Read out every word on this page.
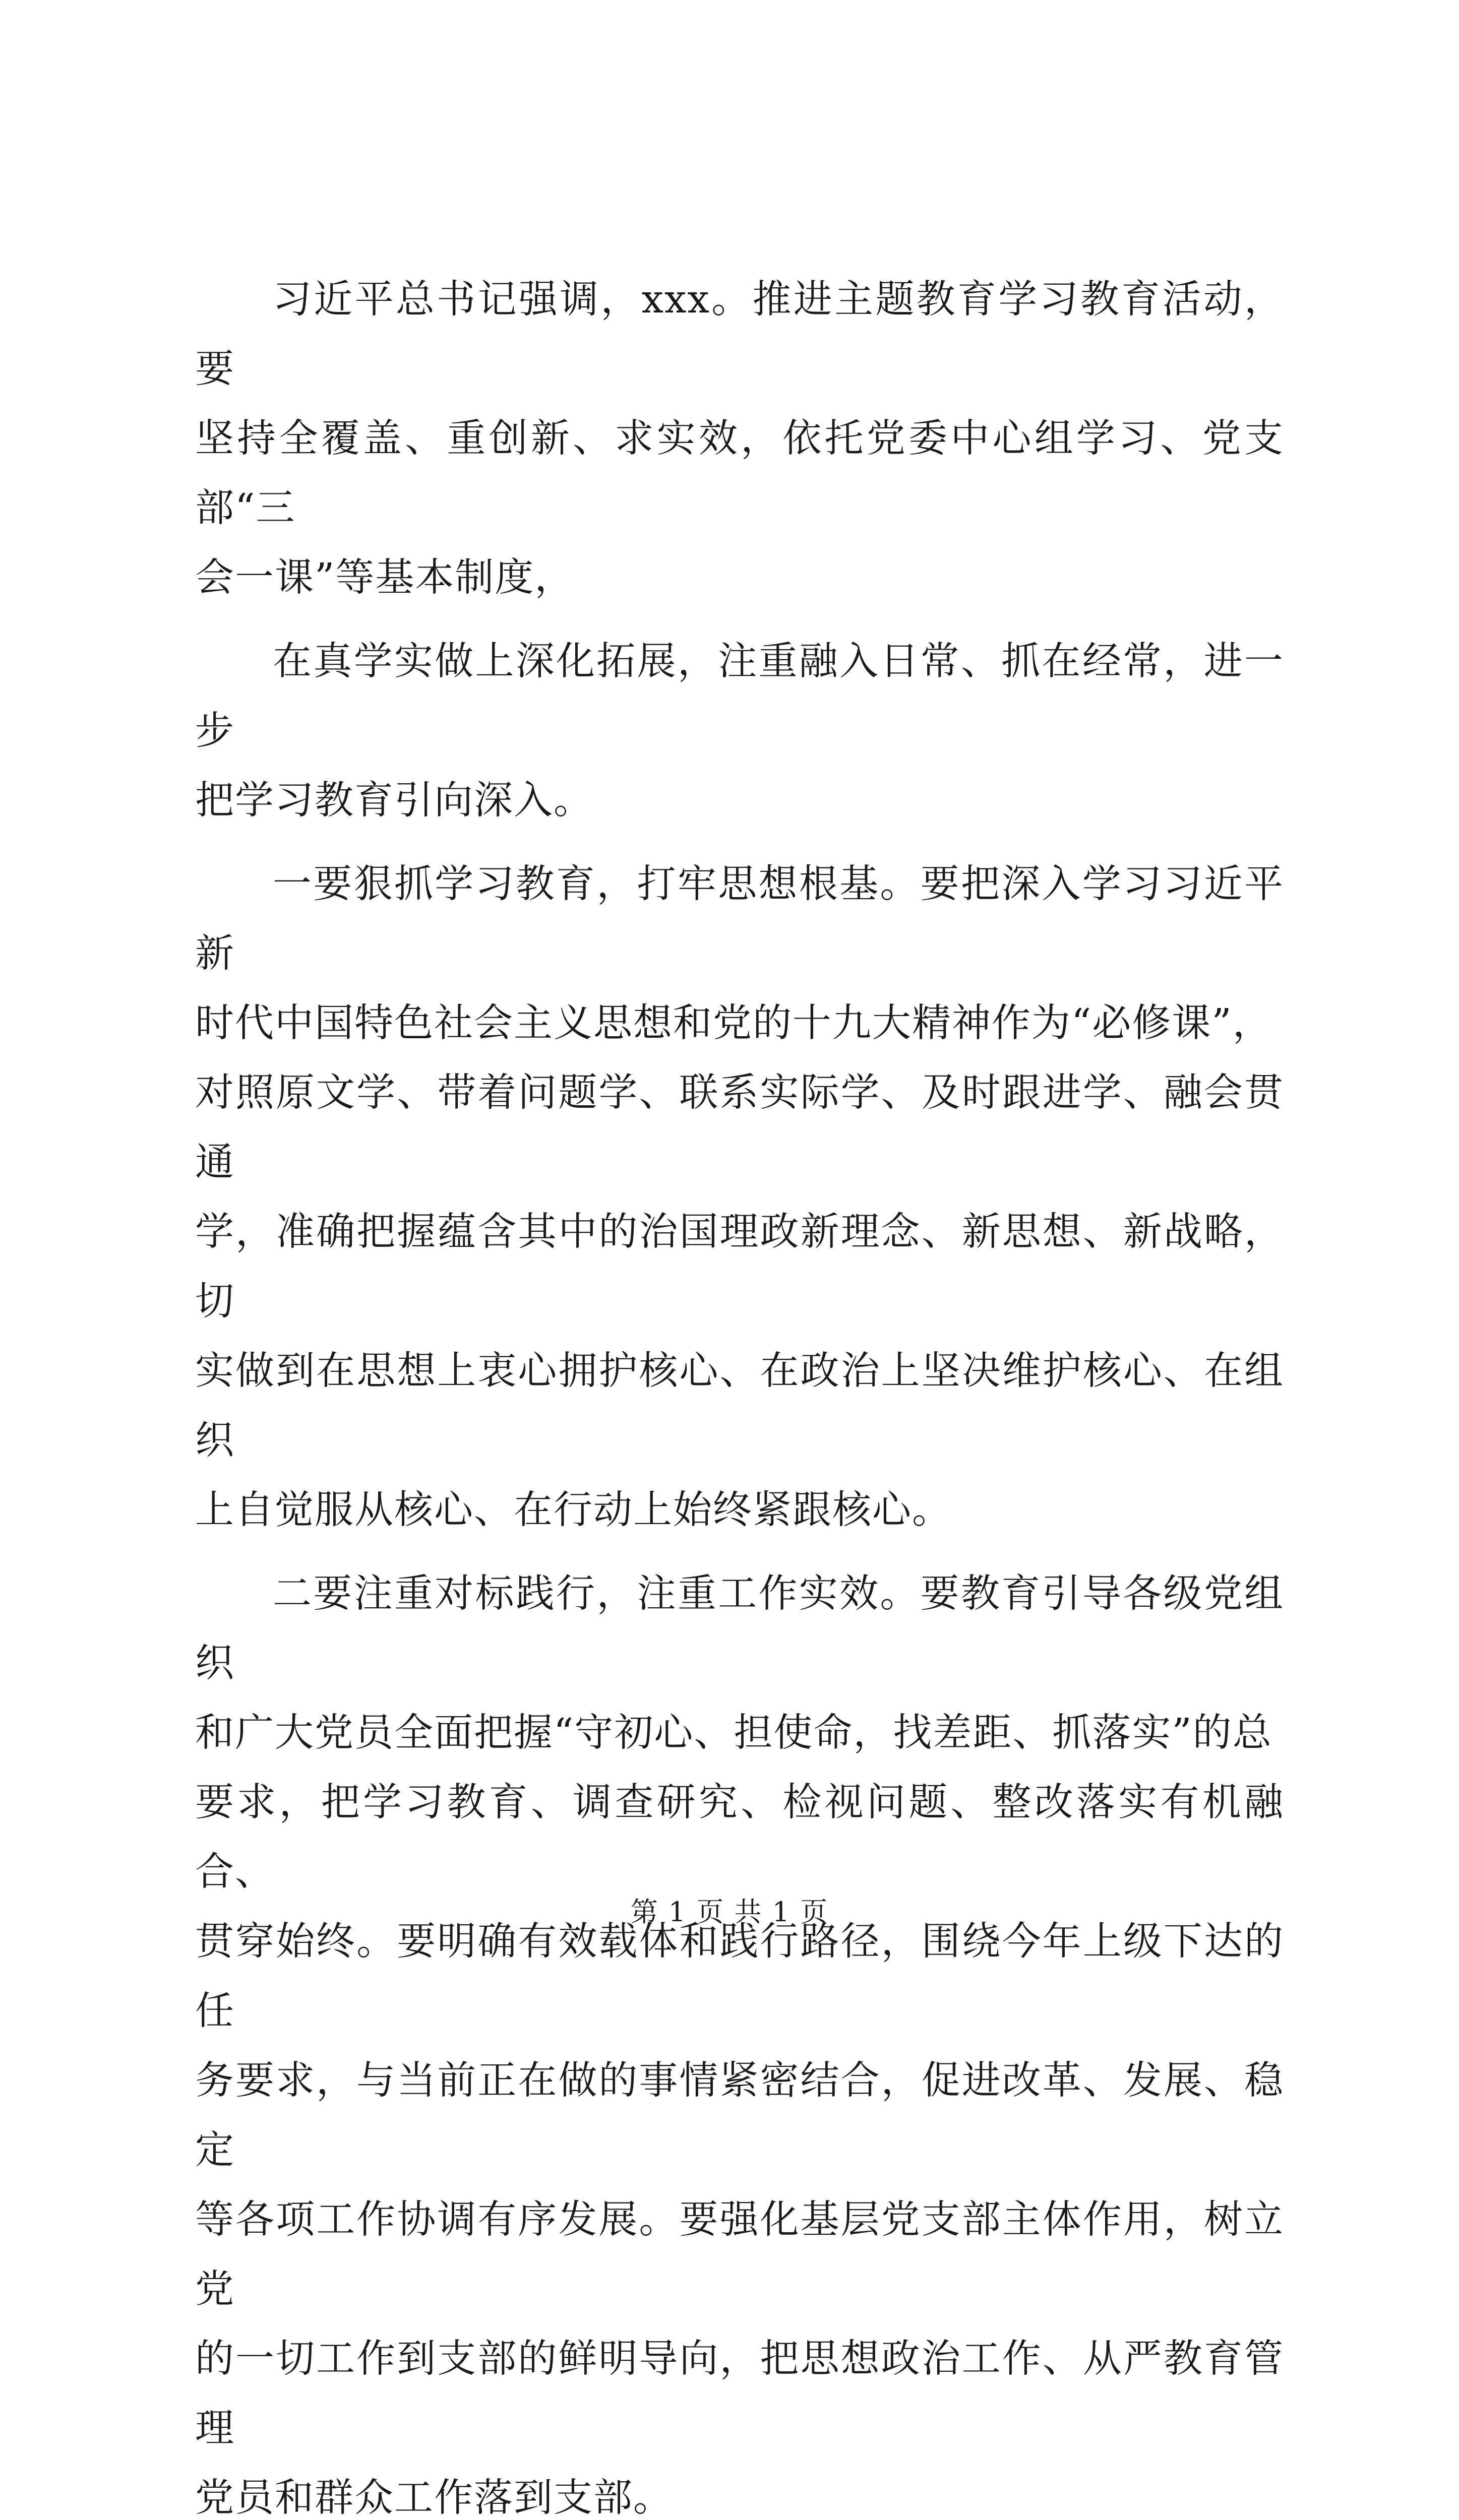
习近平总书记强调，xxx。推进主题教育学习教育活动，要
坚持全覆盖、重创新、求实效，依托党委中心组学习、党支部“三
会一课”等基本制度，

在真学实做上深化拓展，注重融入日常、抓在经常，进一步
把学习教育引向深入。

一要狠抓学习教育，打牢思想根基。要把深入学习习近平新
时代中国特色社会主义思想和党的十九大精神作为“必修课”，
对照原文学、带着问题学、联系实际学、及时跟进学、融会贯通
学，准确把握蕴含其中的治国理政新理念、新思想、新战略，切
实做到在思想上衷心拥护核心、在政治上坚决维护核心、在组织
上自觉服从核心、在行动上始终紧跟核心。

二要注重对标践行，注重工作实效。要教育引导各级党组织
和广大党员全面把握“守初心、担使命，找差距、抓落实”的总
要求，把学习教育、调查研究、检视问题、整改落实有机融合、
贯穿始终。要明确有效载体和践行路径，围绕今年上级下达的任
务要求，与当前正在做的事情紧密结合，促进改革、发展、稳定
等各项工作协调有序发展。要强化基层党支部主体作用，树立党
的一切工作到支部的鲜明导向，把思想政治工作、从严教育管理
党员和群众工作落到支部。

第 1 页 共 1 页
